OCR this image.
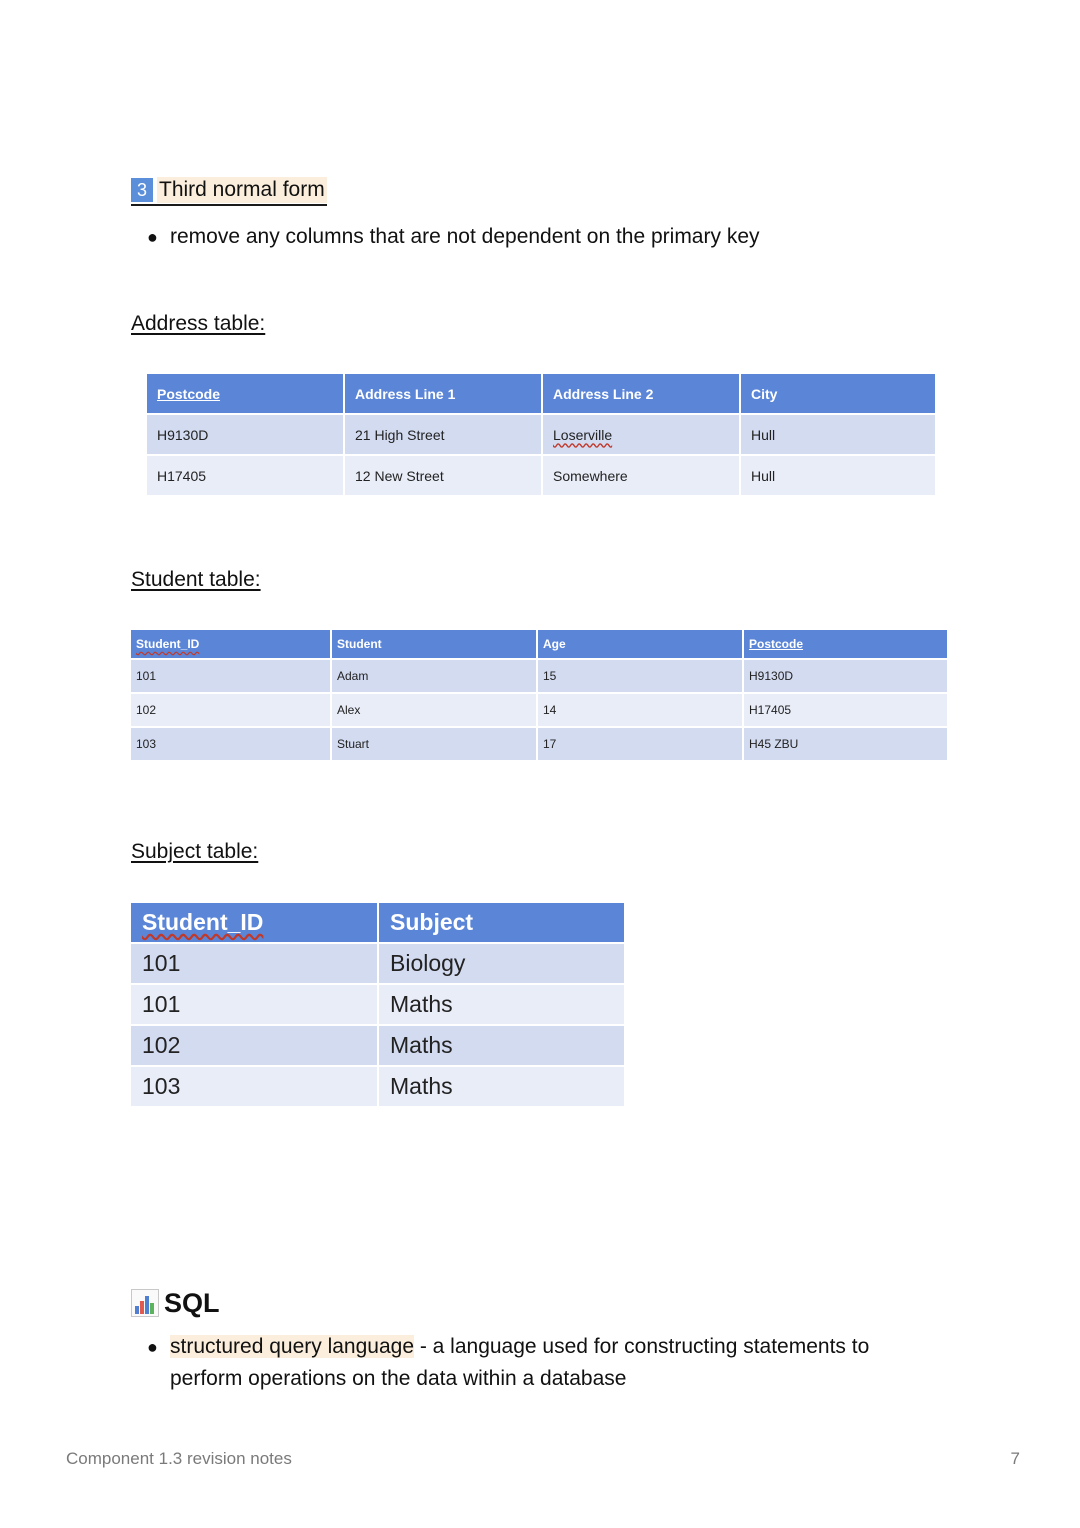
3 Third normal form
● remove any columns that are not dependent on the primary key
Address table:
Postcode	Address Line 1	Address Line 2	City
H9130D	21 High Street	Loserville	Hull
H17405	12 New Street	Somewhere	Hull
Student table:
Student_ID	Student	Age	Postcode
101	Adam	15	H9130D
102	Alex	14	H17405
103	Stuart	17	H45 ZBU
Subject table:
Student_ID	Subject
101	Biology
101	Maths
102	Maths
103	Maths
SQL
● structured query language - a language used for constructing statements to
perform operations on the data within a database
Component 1.3 revision notes	7
